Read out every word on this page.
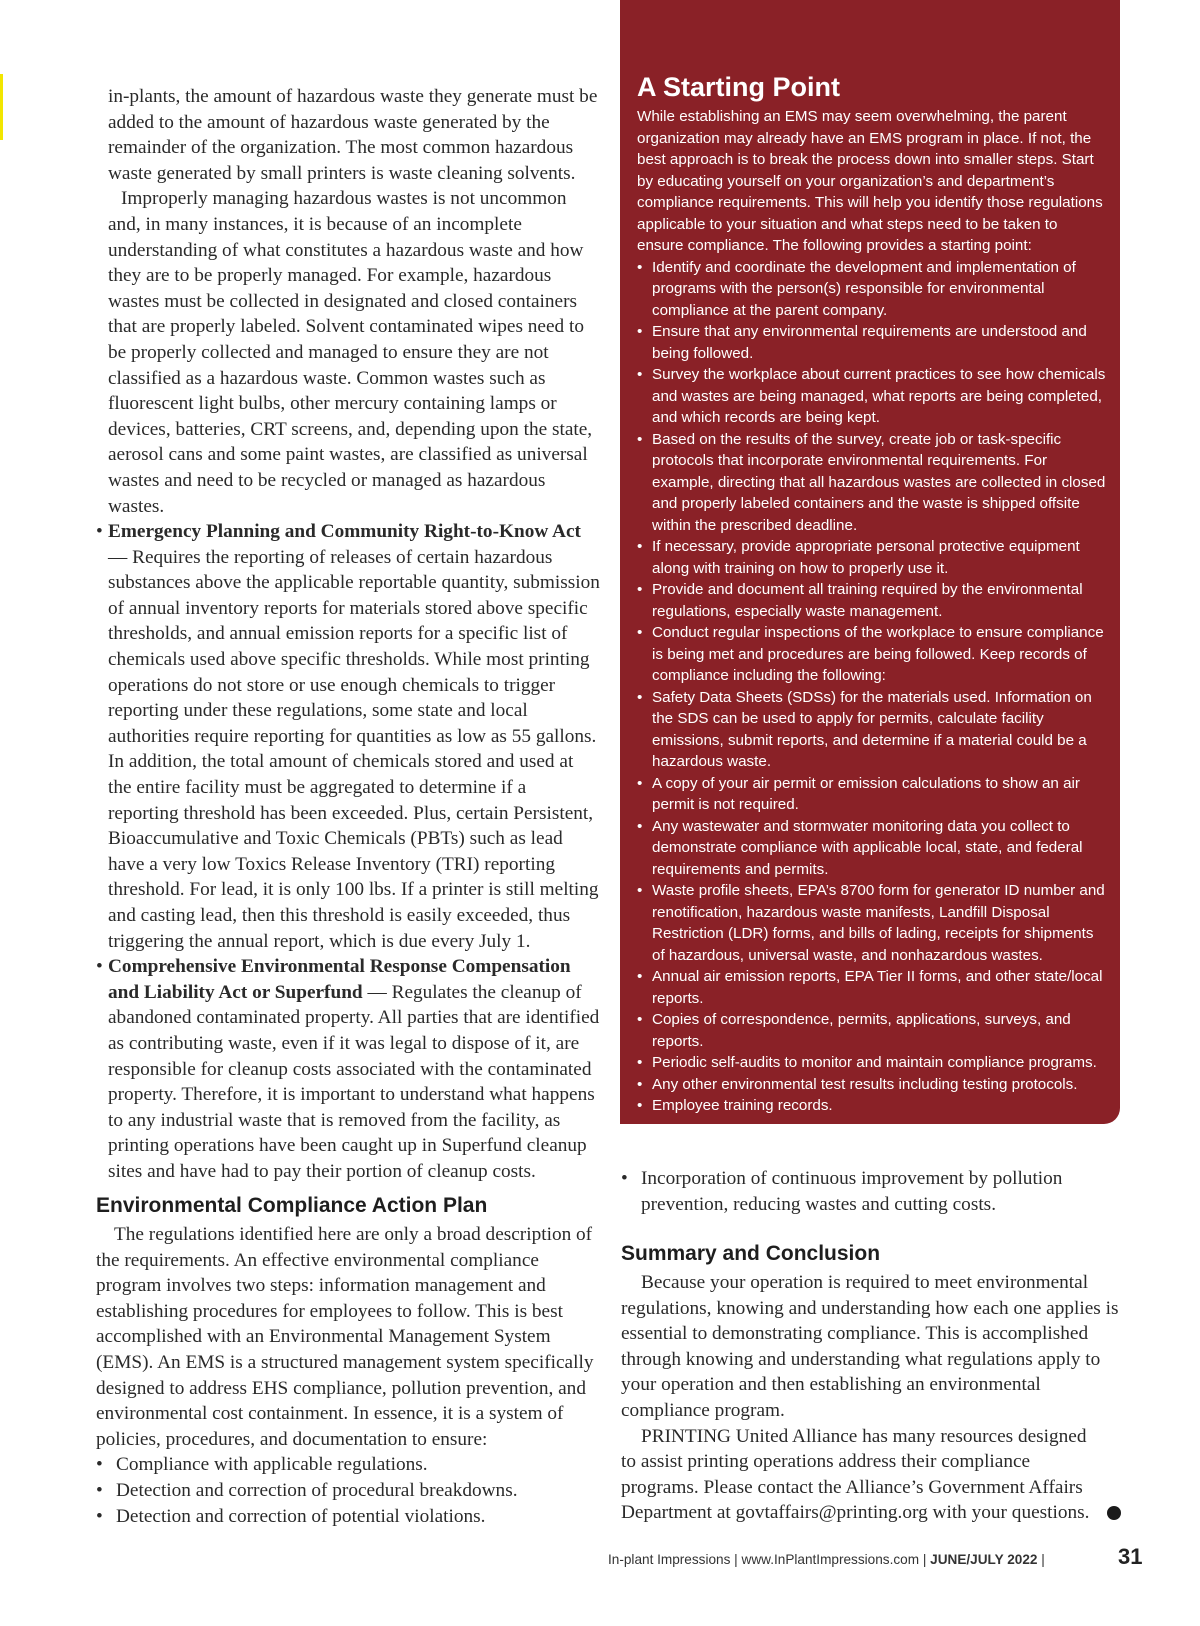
in-plants, the amount of hazardous waste they generate must be added to the amount of hazardous waste generated by the remainder of the organization. The most common hazardous waste generated by small printers is waste cleaning solvents.

Improperly managing hazardous wastes is not uncommon and, in many instances, it is because of an incomplete understanding of what constitutes a hazardous waste and how they are to be properly managed. For example, hazardous wastes must be collected in designated and closed containers that are properly labeled. Solvent contaminated wipes need to be properly collected and managed to ensure they are not classified as a hazardous waste. Common wastes such as fluorescent light bulbs, other mercury containing lamps or devices, batteries, CRT screens, and, depending upon the state, aerosol cans and some paint wastes, are classified as universal wastes and need to be recycled or managed as hazardous wastes.

• Emergency Planning and Community Right-to-Know Act — Requires the reporting of releases of certain hazardous substances above the applicable reportable quantity, submission of annual inventory reports for materials stored above specific thresholds, and annual emission reports for a specific list of chemicals used above specific thresholds. While most printing operations do not store or use enough chemicals to trigger reporting under these regulations, some state and local authorities require reporting for quantities as low as 55 gallons. In addition, the total amount of chemicals stored and used at the entire facility must be aggregated to determine if a reporting threshold has been exceeded. Plus, certain Persistent, Bioaccumulative and Toxic Chemicals (PBTs) such as lead have a very low Toxics Release Inventory (TRI) reporting threshold. For lead, it is only 100 lbs. If a printer is still melting and casting lead, then this threshold is easily exceeded, thus triggering the annual report, which is due every July 1.

• Comprehensive Environmental Response Compensation and Liability Act or Superfund — Regulates the cleanup of abandoned contaminated property. All parties that are identified as contributing waste, even if it was legal to dispose of it, are responsible for cleanup costs associated with the contaminated property. Therefore, it is important to understand what happens to any industrial waste that is removed from the facility, as printing operations have been caught up in Superfund cleanup sites and have had to pay their portion of cleanup costs.

Environmental Compliance Action Plan

The regulations identified here are only a broad description of the requirements. An effective environmental compliance program involves two steps: information management and establishing procedures for employees to follow. This is best accomplished with an Environmental Management System (EMS). An EMS is a structured management system specifically designed to address EHS compliance, pollution prevention, and environmental cost containment. In essence, it is a system of policies, procedures, and documentation to ensure:

• Compliance with applicable regulations.
• Detection and correction of procedural breakdowns.
• Detection and correction of potential violations.
A Starting Point

While establishing an EMS may seem overwhelming, the parent organization may already have an EMS program in place. If not, the best approach is to break the process down into smaller steps. Start by educating yourself on your organization’s and department’s compliance requirements. This will help you identify those regulations applicable to your situation and what steps need to be taken to ensure compliance. The following provides a starting point:

• Identify and coordinate the development and implementation of programs with the person(s) responsible for environmental compliance at the parent company.
• Ensure that any environmental requirements are understood and being followed.
• Survey the workplace about current practices to see how chemicals and wastes are being managed, what reports are being completed, and which records are being kept.
• Based on the results of the survey, create job or task-specific protocols that incorporate environmental requirements. For example, directing that all hazardous wastes are collected in closed and properly labeled containers and the waste is shipped offsite within the prescribed deadline.
• If necessary, provide appropriate personal protective equipment along with training on how to properly use it.
• Provide and document all training required by the environmental regulations, especially waste management.
• Conduct regular inspections of the workplace to ensure compliance is being met and procedures are being followed. Keep records of compliance including the following:
• Safety Data Sheets (SDSs) for the materials used. Information on the SDS can be used to apply for permits, calculate facility emissions, submit reports, and determine if a material could be a hazardous waste.
• A copy of your air permit or emission calculations to show an air permit is not required.
• Any wastewater and stormwater monitoring data you collect to demonstrate compliance with applicable local, state, and federal requirements and permits.
• Waste profile sheets, EPA’s 8700 form for generator ID number and renotification, hazardous waste manifests, Landfill Disposal Restriction (LDR) forms, and bills of lading, receipts for shipments of hazardous, universal waste, and nonhazardous wastes.
• Annual air emission reports, EPA Tier II forms, and other state/local reports.
• Copies of correspondence, permits, applications, surveys, and reports.
• Periodic self-audits to monitor and maintain compliance programs.
• Any other environmental test results including testing protocols.
• Employee training records.

• Incorporation of continuous improvement by pollution prevention, reducing wastes and cutting costs.

Summary and Conclusion

Because your operation is required to meet environmental regulations, knowing and understanding how each one applies is essential to demonstrating compliance. This is accomplished through knowing and understanding what regulations apply to your operation and then establishing an environmental compliance program.

PRINTING United Alliance has many resources designed to assist printing operations address their compliance programs. Please contact the Alliance’s Government Affairs Department at govtaffairs@printing.org with your questions.

In-plant Impressions | www.InPlantImpressions.com | JUNE/JULY 2022 |	31
